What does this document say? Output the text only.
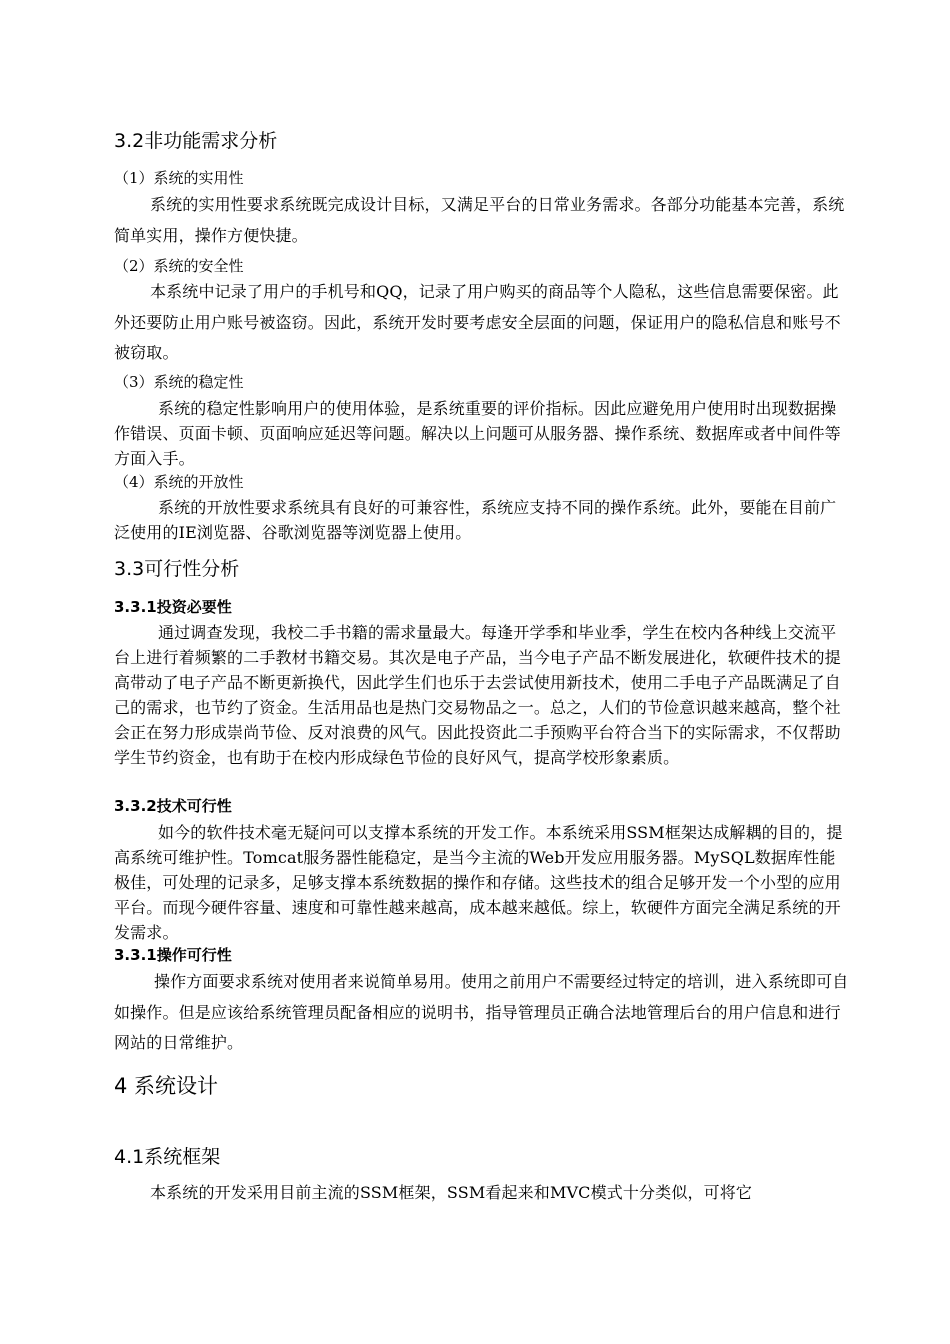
3.2非功能需求分析
（1）系统的实用性

系统的实用性要求系统既完成设计目标，又满足平台的日常业务需求。各部分功能基本完善，系统简单实用，操作方便快捷。

（2）系统的安全性

本系统中记录了用户的手机号和QQ，记录了用户购买的商品等个人隐私，这些信息需要保密。此外还要防止用户账号被盗窃。因此，系统开发时要考虑安全层面的问题，保证用户的隐私信息和账号不被窃取。

（3）系统的稳定性

系统的稳定性影响用户的使用体验，是系统重要的评价指标。因此应避免用户使用时出现数据操作错误、页面卡顿、页面响应延迟等问题。解决以上问题可从服务器、操作系统、数据库或者中间件等方面入手。

（4）系统的开放性

系统的开放性要求系统具有良好的可兼容性，系统应支持不同的操作系统。此外，要能在目前广泛使用的IE浏览器、谷歌浏览器等浏览器上使用。

3.3可行性分析
3.3.1投资必要性

通过调查发现，我校二手书籍的需求量最大。每逢开学季和毕业季，学生在校内各种线上交流平台上进行着频繁的二手教材书籍交易。其次是电子产品，当今电子产品不断发展进化，软硬件技术的提高带动了电子产品不断更新换代，因此学生们也乐于去尝试使用新技术，使用二手电子产品既满足了自己的需求，也节约了资金。生活用品也是热门交易物品之一。总之，人们的节俭意识越来越高，整个社会正在努力形成崇尚节俭、反对浪费的风气。因此投资此二手预购平台符合当下的实际需求，不仅帮助学生节约资金，也有助于在校内形成绿色节俭的良好风气，提高学校形象素质。

3.3.2技术可行性

如今的软件技术毫无疑问可以支撑本系统的开发工作。本系统采用SSM框架达成解耦的目的，提高系统可维护性。Tomcat服务器性能稳定，是当今主流的Web开发应用服务器。MySQL数据库性能极佳，可处理的记录多，足够支撑本系统数据的操作和存储。这些技术的组合足够开发一个小型的应用平台。而现今硬件容量、速度和可靠性越来越高，成本越来越低。综上，软硬件方面完全满足系统的开发需求。

3.3.1操作可行性

操作方面要求系统对使用者来说简单易用。使用之前用户不需要经过特定的培训，进入系统即可自如操作。但是应该给系统管理员配备相应的说明书，指导管理员正确合法地管理后台的用户信息和进行网站的日常维护。

4 系统设计
4.1系统框架

本系统的开发采用目前主流的SSM框架，SSM看起来和MVC模式十分类似，可将它
